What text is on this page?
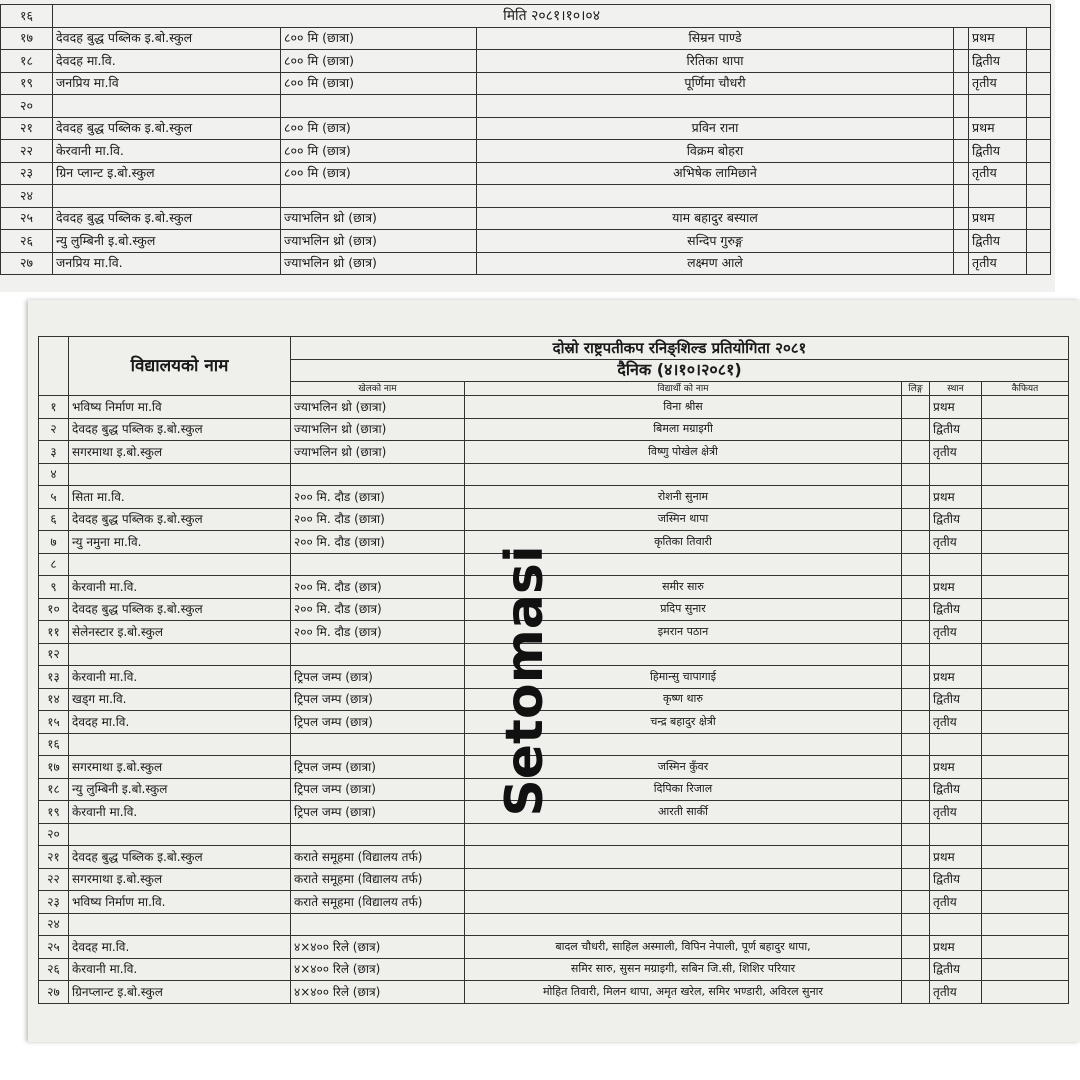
१६	मिति २०८१।१०।०४					
१७	देवदह बुद्ध पब्लिक इ.बो.स्कुल	८०० मि (छात्रा)	सिम्रन पाण्डे		प्रथम	
१८	देवदह मा.वि.	८०० मि (छात्रा)	रितिका थापा		द्वितीय	
१९	जनप्रिय मा.वि	८०० मि (छात्रा)	पूर्णिमा चौधरी		तृतीय	
२०						
२१	देवदह बुद्ध पब्लिक इ.बो.स्कुल	८०० मि (छात्र)	प्रविन राना		प्रथम	
२२	केरवानी मा.वि.	८०० मि (छात्र)	विक्रम बोहरा		द्वितीय	
२३	ग्रिन प्लान्ट इ.बो.स्कुल	८०० मि (छात्र)	अभिषेक लामिछाने		तृतीय	
२४						
२५	देवदह बुद्ध पब्लिक इ.बो.स्कुल	ज्याभलिन थ्रो (छात्र)	याम बहादुर बस्याल		प्रथम	
२६	न्यु लुम्बिनी इ.बो.स्कुल	ज्याभलिन थ्रो (छात्र)	सन्दिप गुरुङ्ग		द्वितीय	
२७	जनप्रिय मा.वि.	ज्याभलिन थ्रो (छात्र)	लक्ष्मण आले		तृतीय	
	विद्यालयको नाम	दोस्रो राष्ट्रपतीकप रनिङ्शिल्ड प्रतियोगिता २०८१				
		दैनिक (४।१०।२०८१)				
		खेलको नाम	विद्यार्थी को नाम	लिङ्ग	स्थान	कैफियत
१	भविष्य निर्माण मा.वि	ज्याभलिन थ्रो (छात्रा)	विना श्रीस		प्रथम	
२	देवदह बुद्ध पब्लिक इ.बो.स्कुल	ज्याभलिन थ्रो (छात्रा)	बिमला मग्राइगी		द्वितीय	
३	सगरमाथा इ.बो.स्कुल	ज्याभलिन थ्रो (छात्रा)	विष्णु पोखेल क्षेत्री		तृतीय	
४						
५	सिता मा.वि.	२०० मि. दौड (छात्रा)	रोशनी सुनाम		प्रथम	
६	देवदह बुद्ध पब्लिक इ.बो.स्कुल	२०० मि. दौड (छात्रा)	जस्मिन थापा		द्वितीय	
७	न्यु नमुना मा.वि.	२०० मि. दौड (छात्रा)	कृतिका तिवारी		तृतीय	
८						
९	केरवानी मा.वि.	२०० मि. दौड (छात्र)	समीर सारु		प्रथम	
१०	देवदह बुद्ध पब्लिक इ.बो.स्कुल	२०० मि. दौड (छात्र)	प्रदिप सुनार		द्वितीय	
११	सेलेनस्टार इ.बो.स्कुल	२०० मि. दौड (छात्र)	इमरान पठान		तृतीय	
१२						
१३	केरवानी मा.वि.	ट्रिपल जम्प (छात्र)	हिमान्सु चापागाई		प्रथम	
१४	खड्ग मा.वि.	ट्रिपल जम्प (छात्र)	कृष्ण थारु		द्वितीय	
१५	देवदह मा.वि.	ट्रिपल जम्प (छात्र)	चन्द्र बहादुर क्षेत्री		तृतीय	
१६						
१७	सगरमाथा इ.बो.स्कुल	ट्रिपल जम्प (छात्रा)	जस्मिन कुँवर		प्रथम	
१८	न्यु लुम्बिनी इ.बो.स्कुल	ट्रिपल जम्प (छात्रा)	दिपिका रिजाल		द्वितीय	
१९	केरवानी मा.वि.	ट्रिपल जम्प (छात्रा)	आरती सार्की		तृतीय	
२०						
२१	देवदह बुद्ध पब्लिक इ.बो.स्कुल	कराते समूहमा (विद्यालय तर्फ)			प्रथम	
२२	सगरमाथा इ.बो.स्कुल	कराते समूहमा (विद्यालय तर्फ)			द्वितीय	
२३	भविष्य निर्माण मा.वि.	कराते समूहमा (विद्यालय तर्फ)			तृतीय	
२४						
२५	देवदह मा.वि.	४×४०० रिले (छात्र)	बादल चौधरी, साहिल अस्माली, विपिन नेपाली, पूर्ण बहादुर थापा,		प्रथम	
२६	केरवानी मा.वि.	४×४०० रिले (छात्र)	समिर सारु, सुसन मग्राइगी, सबिन जि.सी, शिशिर परियार		द्वितीय	
२७	ग्रिनप्लान्ट इ.बो.स्कुल	४×४०० रिले (छात्र)	मोहित तिवारी, मिलन थापा, अमृत खरेल, समिर भण्डारी, अविरल सुनार		तृतीय	
Setomasi
